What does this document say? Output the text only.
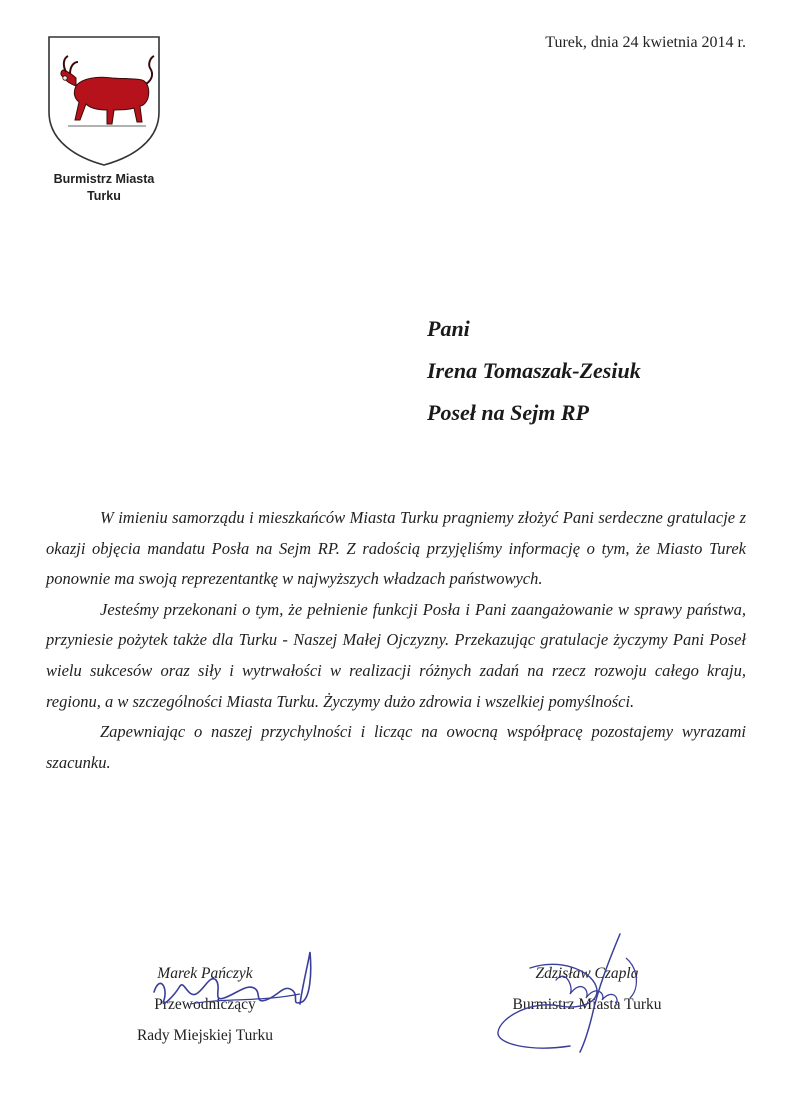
Burmistrz Miasta
Turku
Turek, dnia 24 kwietnia 2014 r.
Pani
Irena Tomaszak-Zesiuk
Poseł na Sejm RP

W imieniu samorządu i mieszkańców Miasta Turku pragniemy złożyć Pani serdeczne gratulacje z okazji objęcia mandatu Posła na Sejm RP. Z radością przyjęliśmy informację o tym, że Miasto Turek ponownie ma swoją reprezentantkę w najwyższych władzach państwowych.

Jesteśmy przekonani o tym, że pełnienie funkcji Posła i Pani zaangażowanie w sprawy państwa, przyniesie pożytek także dla Turku - Naszej Małej Ojczyzny. Przekazując gratulacje życzymy Pani Poseł wielu sukcesów oraz siły i wytrwałości w realizacji różnych zadań na rzecz rozwoju całego kraju, regionu, a w szczególności Miasta Turku. Życzymy dużo zdrowia i wszelkiej pomyślności.

Zapewniając o naszej przychylności i licząc na owocną współpracę pozostajemy wyrazami szacunku.

Marek Pańczyk
Przewodniczący
Rady Miejskiej Turku
Zdzisław Czapla
Burmistrz Miasta Turku
